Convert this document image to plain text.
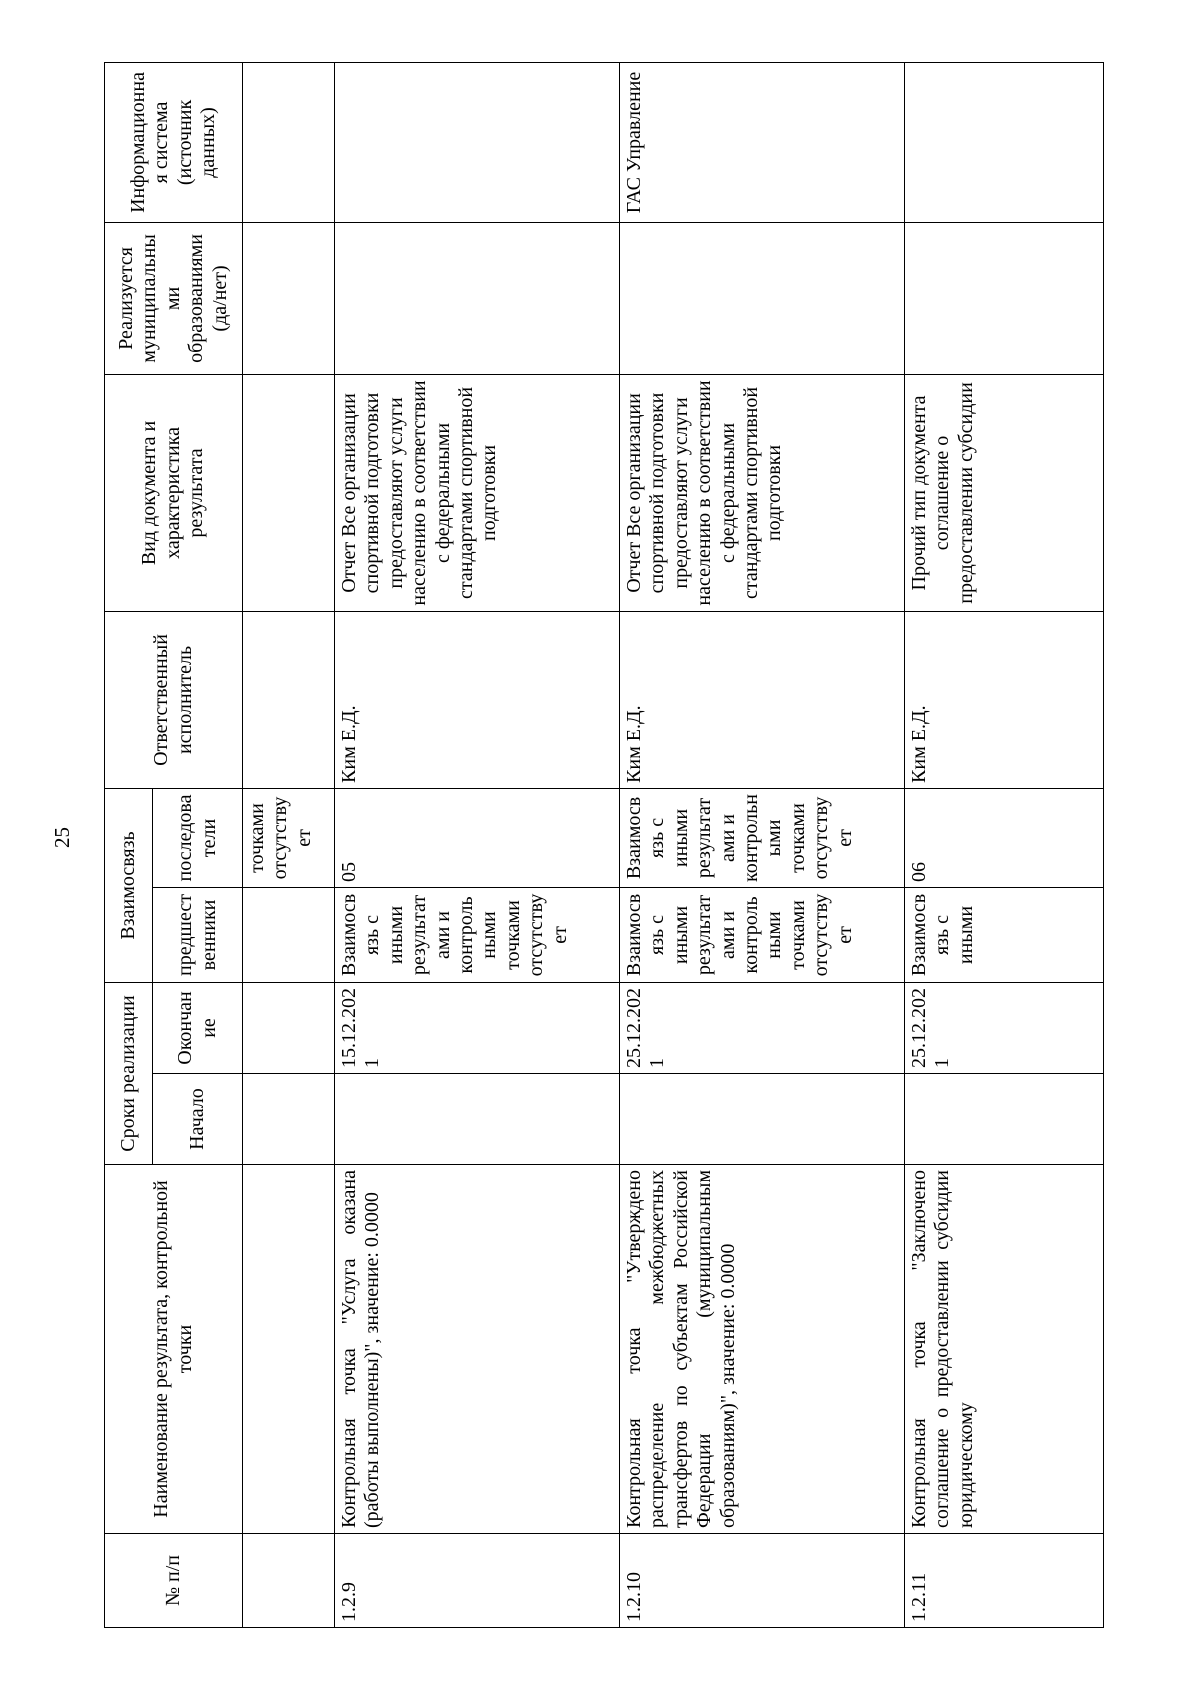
25
№ п/п	Наименование результата, контрольной точки	Сроки реализации		Взаимосвязь		Ответственный исполнитель	Вид документа и характеристика результата	Реализуется муниципальными образованиями (да/нет)	Информационная система (источник данных)
		Начало	Окончание	предшественники	последователи				
					точками отсутствует				
1.2.9	Контрольная точка "Услуга оказана (работы выполнены)", значение: 0.0000		15.12.2021	Взаимосвязь с иными результатами и контрольными точками отсутствует	05	Ким Е.Д.	Отчет Все организации спортивной подготовки предоставляют услуги населению в соответствии с федеральными стандартами спортивной подготовки		
1.2.10	Контрольная точка "Утверждено распределение межбюджетных трансфертов по субъектам Российской Федерации (муниципальным образованиям)", значение: 0.0000		25.12.2021	Взаимосвязь с иными результатами и контрольными точками отсутствует	Взаимосвязь с иными результатами и контрольными точками отсутствует	Ким Е.Д.	Отчет Все организации спортивной подготовки предоставляют услуги населению в соответствии с федеральными стандартами спортивной подготовки		ГАС Управление
1.2.11	Контрольная точка "Заключено соглашение о предоставлении субсидии юридическому		25.12.2021	Взаимосвязь с иными	06	Ким Е.Д.	Прочий тип документа соглашение о предоставлении субсидии		
